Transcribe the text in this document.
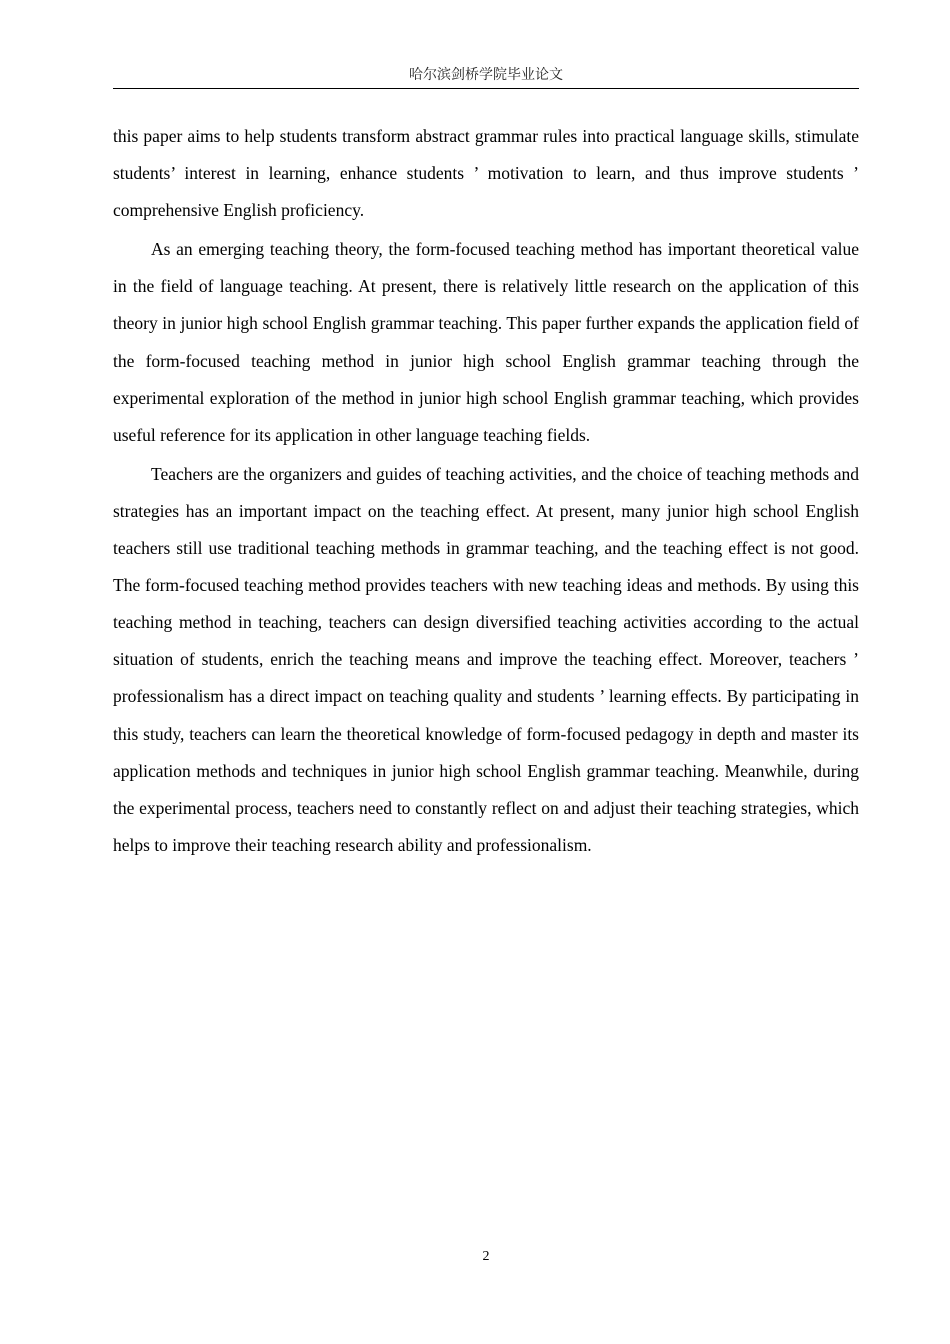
哈尔滨剑桥学院毕业论文

this paper aims to help students transform abstract grammar rules into practical language skills, stimulate students’ interest in learning, enhance students ’ motivation to learn, and thus improve students ’ comprehensive English proficiency.

As an emerging teaching theory, the form-focused teaching method has important theoretical value in the field of language teaching. At present, there is relatively little research on the application of this theory in junior high school English grammar teaching. This paper further expands the application field of the form-focused teaching method in junior high school English grammar teaching through the experimental exploration of the method in junior high school English grammar teaching, which provides useful reference for its application in other language teaching fields.

Teachers are the organizers and guides of teaching activities, and the choice of teaching methods and strategies has an important impact on the teaching effect. At present, many junior high school English teachers still use traditional teaching methods in grammar teaching, and the teaching effect is not good. The form-focused teaching method provides teachers with new teaching ideas and methods. By using this teaching method in teaching, teachers can design diversified teaching activities according to the actual situation of students, enrich the teaching means and improve the teaching effect. Moreover, teachers ’ professionalism has a direct impact on teaching quality and students ’ learning effects. By participating in this study, teachers can learn the theoretical knowledge of form-focused pedagogy in depth and master its application methods and techniques in junior high school English grammar teaching. Meanwhile, during the experimental process, teachers need to constantly reflect on and adjust their teaching strategies, which helps to improve their teaching research ability and professionalism.

2
